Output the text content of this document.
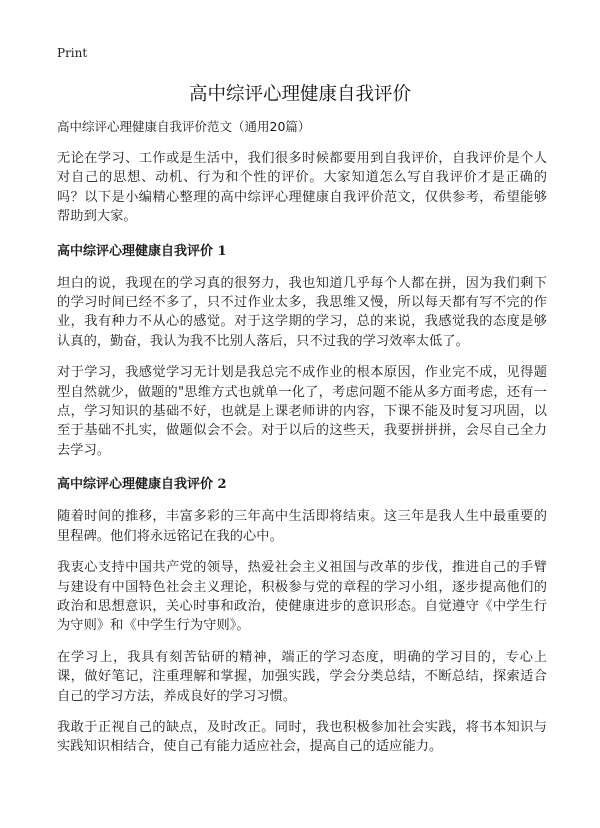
Print
高中综评心理健康自我评价

高中综评心理健康自我评价范文（通用20篇）

无论在学习、工作或是生活中，我们很多时候都要用到自我评价，自我评价是个人对自己的思想、动机、行为和个性的评价。大家知道怎么写自我评价才是正确的吗？以下是小编精心整理的高中综评心理健康自我评价范文，仅供参考，希望能够帮助到大家。

高中综评心理健康自我评价 1

坦白的说，我现在的学习真的很努力，我也知道几乎每个人都在拼，因为我们剩下的学习时间已经不多了，只不过作业太多，我思维又慢，所以每天都有写不完的作业，我有种力不从心的感觉。对于这学期的学习，总的来说，我感觉我的态度是够认真的，勤奋，我认为我不比别人落后，只不过我的学习效率太低了。

对于学习，我感觉学习无计划是我总完不成作业的根本原因，作业完不成，见得题型自然就少，做题的"思维方式也就单一化了，考虑问题不能从多方面考虑，还有一点，学习知识的基础不好，也就是上课老师讲的内容，下课不能及时复习巩固，以至于基础不扎实，做题似会不会。对于以后的这些天，我要拼拼拼，会尽自己全力去学习。

高中综评心理健康自我评价 2

随着时间的推移，丰富多彩的三年高中生活即将结束。这三年是我人生中最重要的里程碑。他们将永远铭记在我的心中。

我衷心支持中国共产党的领导，热爱社会主义祖国与改革的步伐，推进自己的手臂与建设有中国特色社会主义理论，积极参与党的章程的学习小组，逐步提高他们的政治和思想意识，关心时事和政治，使健康进步的意识形态。自觉遵守《中学生行为守则》和《中学生行为守则》。

在学习上，我具有刻苦钻研的精神，端正的学习态度，明确的学习目的，专心上课，做好笔记，注重理解和掌握，加强实践，学会分类总结，不断总结，探索适合自己的学习方法，养成良好的学习习惯。

我敢于正视自己的缺点，及时改正。同时，我也积极参加社会实践，将书本知识与实践知识相结合，使自己有能力适应社会，提高自己的适应能力。
